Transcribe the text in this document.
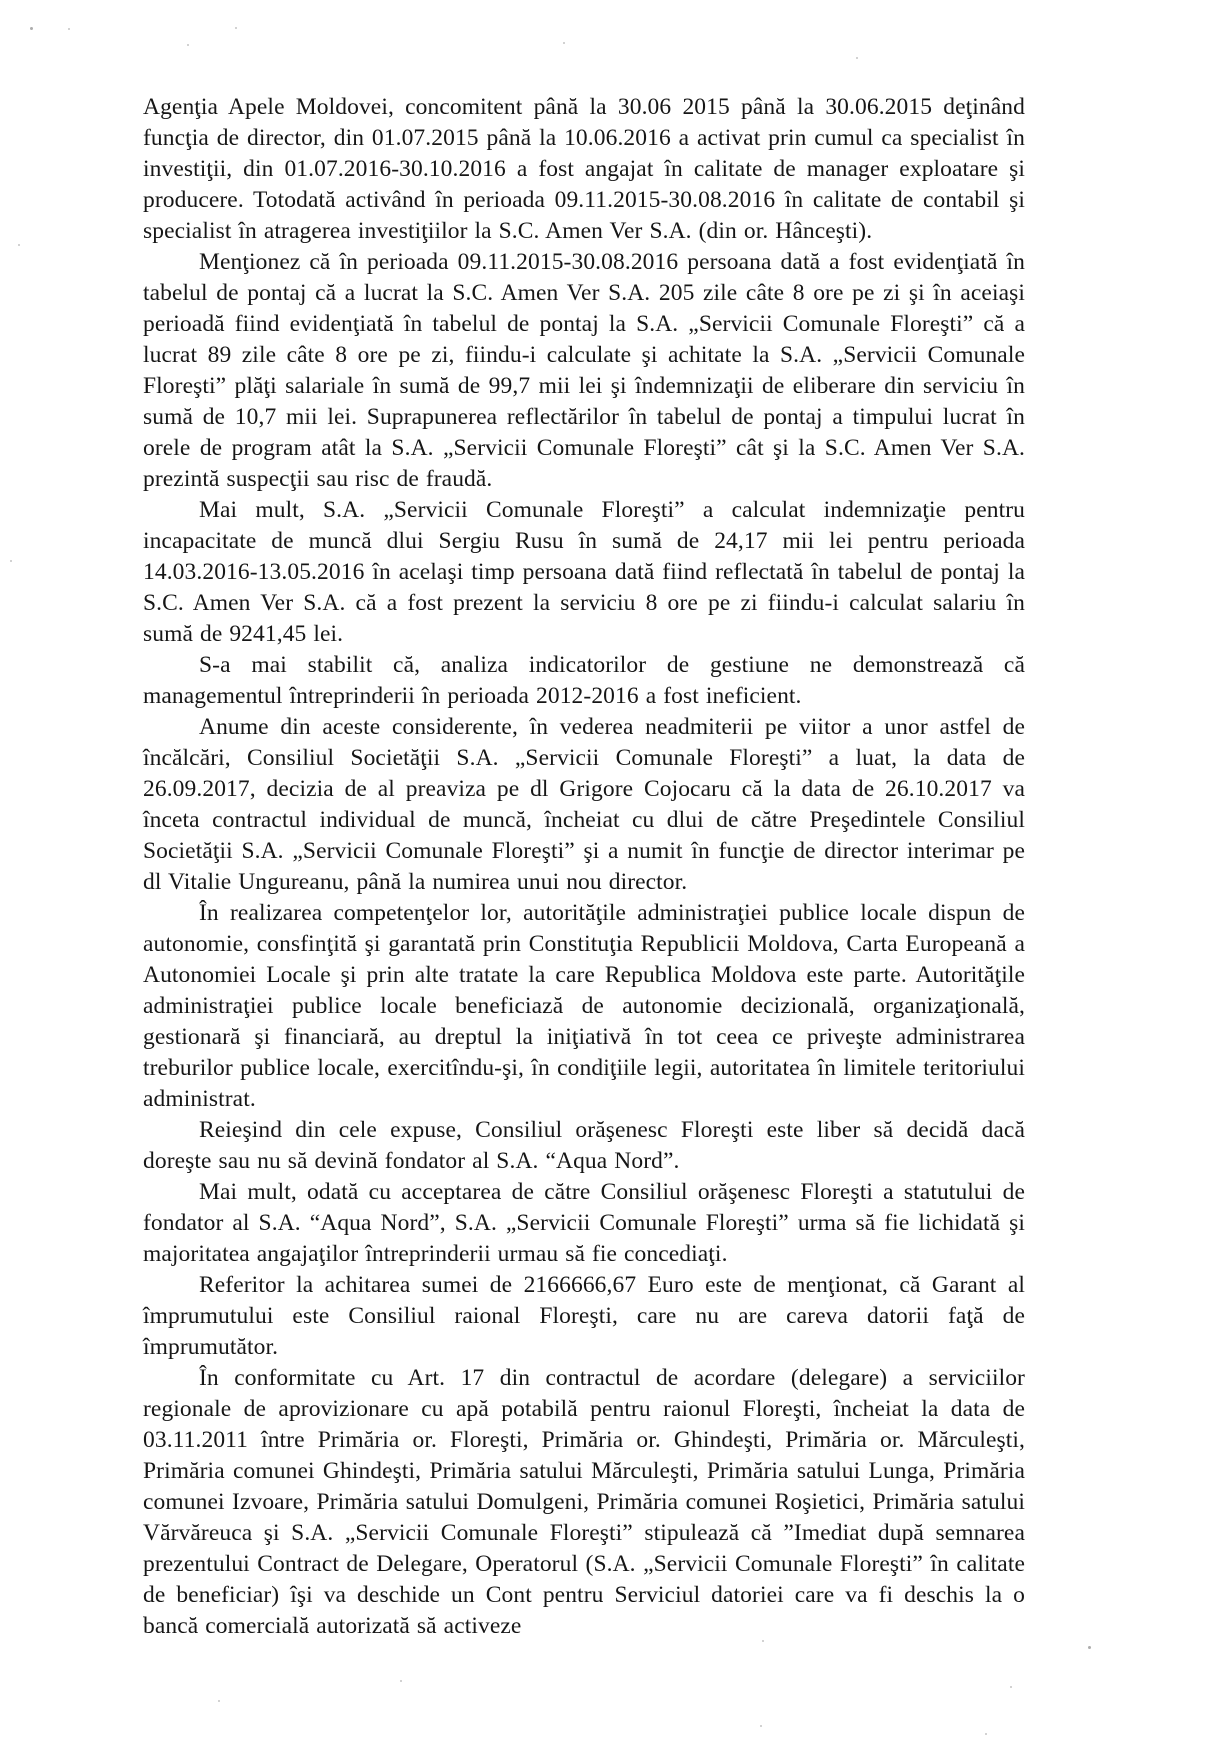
Agenţia Apele Moldovei, concomitent până la 30.06 2015 până la 30.06.2015 deţinând funcţia de director, din 01.07.2015 până la 10.06.2016 a activat prin cumul ca specialist în investiţii, din 01.07.2016-30.10.2016 a fost angajat în calitate de manager exploatare şi producere. Totodată activând în perioada 09.11.2015-30.08.2016 în calitate de contabil şi specialist în atragerea investiţiilor la S.C. Amen Ver S.A. (din or. Hânceşti).

Menţionez că în perioada 09.11.2015-30.08.2016 persoana dată a fost evidenţiată în tabelul de pontaj că a lucrat la S.C. Amen Ver S.A. 205 zile câte 8 ore pe zi şi în aceiaşi perioadă fiind evidenţiată în tabelul de pontaj la S.A. „Servicii Comunale Floreşti” că a lucrat 89 zile câte 8 ore pe zi, fiindu-i calculate şi achitate la S.A. „Servicii Comunale Floreşti” plăţi salariale în sumă de 99,7 mii lei şi îndemnizaţii de eliberare din serviciu în sumă de 10,7 mii lei. Suprapunerea reflectărilor în tabelul de pontaj a timpului lucrat în orele de program atât la S.A. „Servicii Comunale Floreşti” cât şi la S.C. Amen Ver S.A. prezintă suspecţii sau risc de fraudă.

Mai mult, S.A. „Servicii Comunale Floreşti” a calculat indemnizaţie pentru incapacitate de muncă dlui Sergiu Rusu în sumă de 24,17 mii lei pentru perioada 14.03.2016-13.05.2016 în acelaşi timp persoana dată fiind reflectată în tabelul de pontaj la S.C. Amen Ver S.A. că a fost prezent la serviciu 8 ore pe zi fiindu-i calculat salariu în sumă de 9241,45 lei.

S-a mai stabilit că, analiza indicatorilor de gestiune ne demonstrează că managementul întreprinderii în perioada 2012-2016 a fost ineficient.

Anume din aceste considerente, în vederea neadmiterii pe viitor a unor astfel de încălcări, Consiliul Societăţii S.A. „Servicii Comunale Floreşti” a luat, la data de 26.09.2017, decizia de al preaviza pe dl Grigore Cojocaru că la data de 26.10.2017 va înceta contractul individual de muncă, încheiat cu dlui de către Preşedintele Consiliul Societăţii S.A. „Servicii Comunale Floreşti” şi a numit în funcţie de director interimar pe dl Vitalie Ungureanu, până la numirea unui nou director.

În realizarea competenţelor lor, autorităţile administraţiei publice locale dispun de autonomie, consfinţită şi garantată prin Constituţia Republicii Moldova, Carta Europeană a Autonomiei Locale şi prin alte tratate la care Republica Moldova este parte. Autorităţile administraţiei publice locale beneficiază de autonomie decizională, organizaţională, gestionară şi financiară, au dreptul la iniţiativă în tot ceea ce priveşte administrarea treburilor publice locale, exercitîndu-şi, în condiţiile legii, autoritatea în limitele teritoriului administrat.

Reieşind din cele expuse, Consiliul orăşenesc Floreşti este liber să decidă dacă doreşte sau nu să devină fondator al S.A. “Aqua Nord”.

Mai mult, odată cu acceptarea de către Consiliul orăşenesc Floreşti a statutului de fondator al S.A. “Aqua Nord”, S.A. „Servicii Comunale Floreşti” urma să fie lichidată şi majoritatea angajaţilor întreprinderii urmau să fie concediaţi.

Referitor la achitarea sumei de 2166666,67 Euro este de menţionat, că Garant al împrumutului este Consiliul raional Floreşti, care nu are careva datorii faţă de împrumutător.

În conformitate cu Art. 17 din contractul de acordare (delegare) a serviciilor regionale de aprovizionare cu apă potabilă pentru raionul Floreşti, încheiat la data de 03.11.2011 între Primăria or. Floreşti, Primăria or. Ghindeşti, Primăria or. Mărculeşti, Primăria comunei Ghindeşti, Primăria satului Mărculeşti, Primăria satului Lunga, Primăria comunei Izvoare, Primăria satului Domulgeni, Primăria comunei Roşietici, Primăria satului Vărvăreuca şi S.A. „Servicii Comunale Floreşti” stipulează că ”Imediat după semnarea prezentului Contract de Delegare, Operatorul (S.A. „Servicii Comunale Floreşti” în calitate de beneficiar) îşi va deschide un Cont pentru Serviciul datoriei care va fi deschis la o bancă comercială autorizată să activeze
